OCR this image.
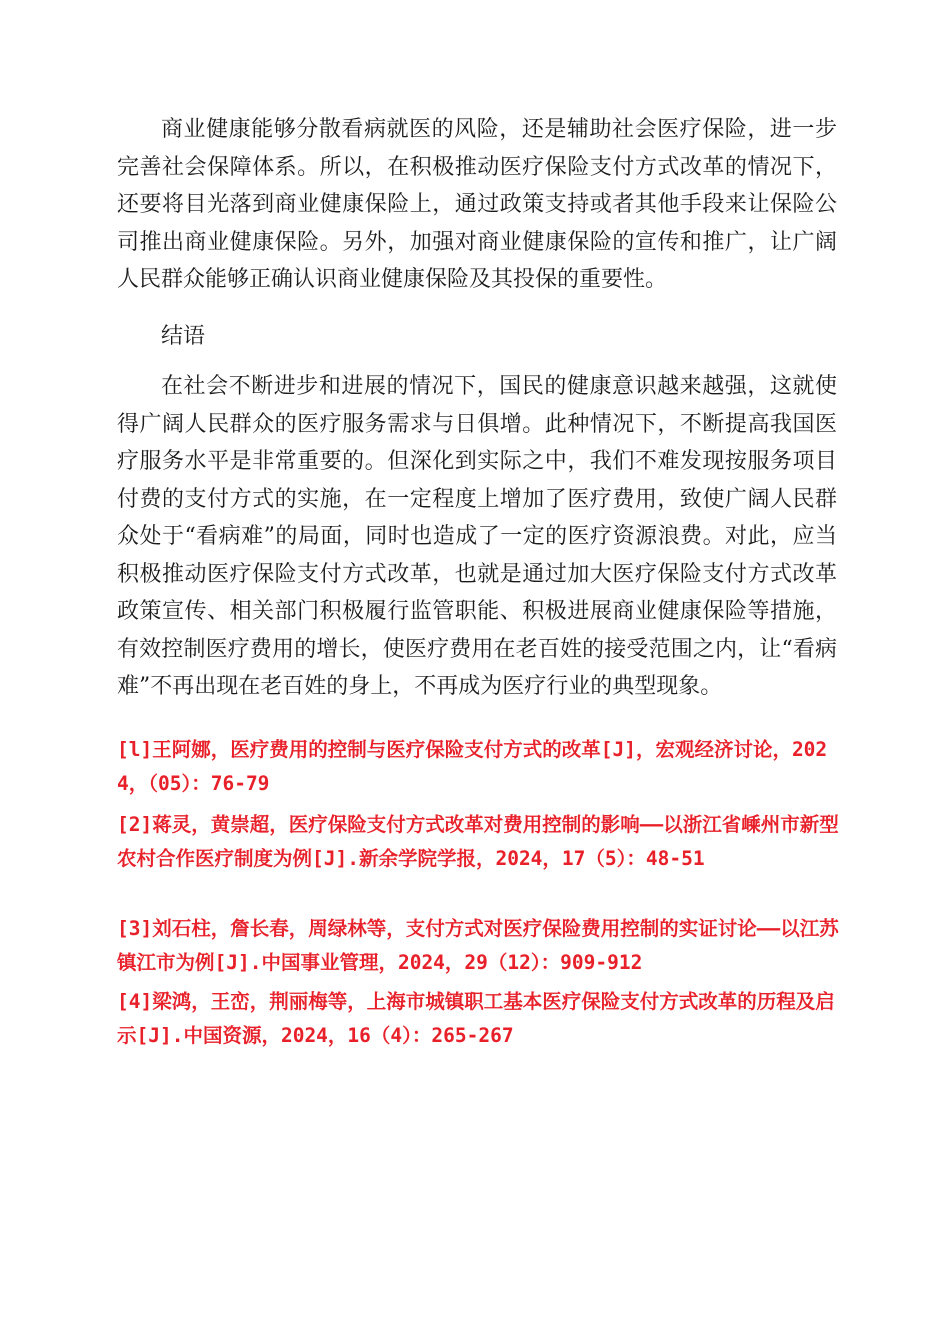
商业健康能够分散看病就医的风险，还是辅助社会医疗保险，进一步完善社会保障体系。所以，在积极推动医疗保险支付方式改革的情况下，还要将目光落到商业健康保险上，通过政策支持或者其他手段来让保险公司推出商业健康保险。另外，加强对商业健康保险的宣传和推广，让广阔人民群众能够正确认识商业健康保险及其投保的重要性。

结语

在社会不断进步和进展的情况下，国民的健康意识越来越强，这就使得广阔人民群众的医疗服务需求与日俱增。此种情况下，不断提高我国医疗服务水平是非常重要的。但深化到实际之中，我们不难发现按服务项目付费的支付方式的实施，在一定程度上增加了医疗费用，致使广阔人民群众处于“看病难”的局面，同时也造成了一定的医疗资源浪费。对此，应当积极推动医疗保险支付方式改革，也就是通过加大医疗保险支付方式改革政策宣传、相关部门积极履行监管职能、积极进展商业健康保险等措施，有效控制医疗费用的增长，使医疗费用在老百姓的接受范围之内，让“看病难”不再出现在老百姓的身上，不再成为医疗行业的典型现象。

[l]王阿娜，医疗费用的控制与医疗保险支付方式的改革[J]，宏观经济讨论，2024，（05）：76-79

[2]蒋灵，黄崇超，医疗保险支付方式改革对费用控制的影响——以浙江省嵊州市新型农村合作医疗制度为例[J].新余学院学报，2024，17（5）：48-51

[3]刘石柱，詹长春，周绿林等，支付方式对医疗保险费用控制的实证讨论——以江苏镇江市为例[J].中国事业管理，2024，29（12）：909-912

[4]梁鸿，王峦，荆丽梅等，上海市城镇职工基本医疗保险支付方式改革的历程及启示[J].中国资源，2024，16（4）：265-267
